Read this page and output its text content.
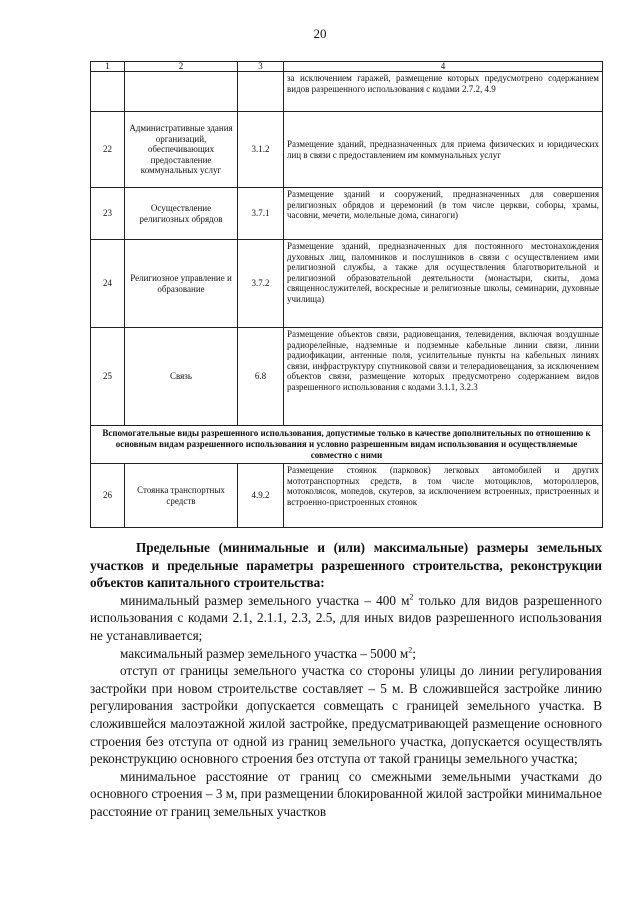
20
1	2	3	4
			за исключением гаражей, размещение которых предусмотрено содержанием видов разрешенного использования с кодами 2.7.2, 4.9
22	Административные здания организаций, обеспечивающих предоставление коммунальных услуг	3.1.2	Размещение зданий, предназначенных для приема физических и юридических лиц в связи с предоставлением им коммунальных услуг
23	Осуществление религиозных обрядов	3.7.1	Размещение зданий и сооружений, предназначенных для совершения религиозных обрядов и церемоний (в том числе церкви, соборы, храмы, часовни, мечети, молельные дома, синагоги)
24	Религиозное управление и образование	3.7.2	Размещение зданий, предназначенных для постоянного местонахождения духовных лиц, паломников и послушников в связи с осуществлением ими религиозной службы, а также для осуществления благотворительной и религиозной образовательной деятельности (монастыри, скиты, дома священнослужителей, воскресные и религиозные школы, семинарии, духовные училища)
25	Связь	6.8	Размещение объектов связи, радиовещания, телевидения, включая воздушные радиорелейные, надземные и подземные кабельные линии связи, линии радиофикации, антенные поля, усилительные пункты на кабельных линиях связи, инфраструктуру спутниковой связи и телерадиовещания, за исключением объектов связи, размещение которых предусмотрено содержанием видов разрешенного использования с кодами 3.1.1, 3.2.3
Вспомогательные виды разрешенного использования, допустимые только в качестве дополнительных по отношению к основным видам разрешенного использования и условно разрешенным видам использования и осуществляемые совместно с ними			
26	Стоянка транспортных средств	4.9.2	Размещение стоянок (парковок) легковых автомобилей и других мототранспортных средств, в том числе мотоциклов, мотороллеров, мотоколясок, мопедов, скутеров, за исключением встроенных, пристроенных и встроенно-пристроенных стоянок

Предельные (минимальные и (или) максимальные) размеры земельных участков и предельные параметры разрешенного строительства, реконструкции объектов капитального строительства:

минимальный размер земельного участка – 400 $м^2$ только для видов разрешенного использования с кодами 2.1, 2.1.1, 2.3, 2.5, для иных видов разрешенного использования не устанавливается;

максимальный размер земельного участка – 5000 $м^2$;

отступ от границы земельного участка со стороны улицы до линии регулирования застройки при новом строительстве составляет – 5 м. В сложившейся застройке линию регулирования застройки допускается совмещать с границей земельного участка. В сложившейся малоэтажной жилой застройке, предусматривающей размещение основного строения без отступа от одной из границ земельного участка, допускается осуществлять реконструкцию основного строения без отступа от такой границы земельного участка;

минимальное расстояние от границ со смежными земельными участками до основного строения – 3 м, при размещении блокированной жилой застройки минимальное расстояние от границ земельных участков
